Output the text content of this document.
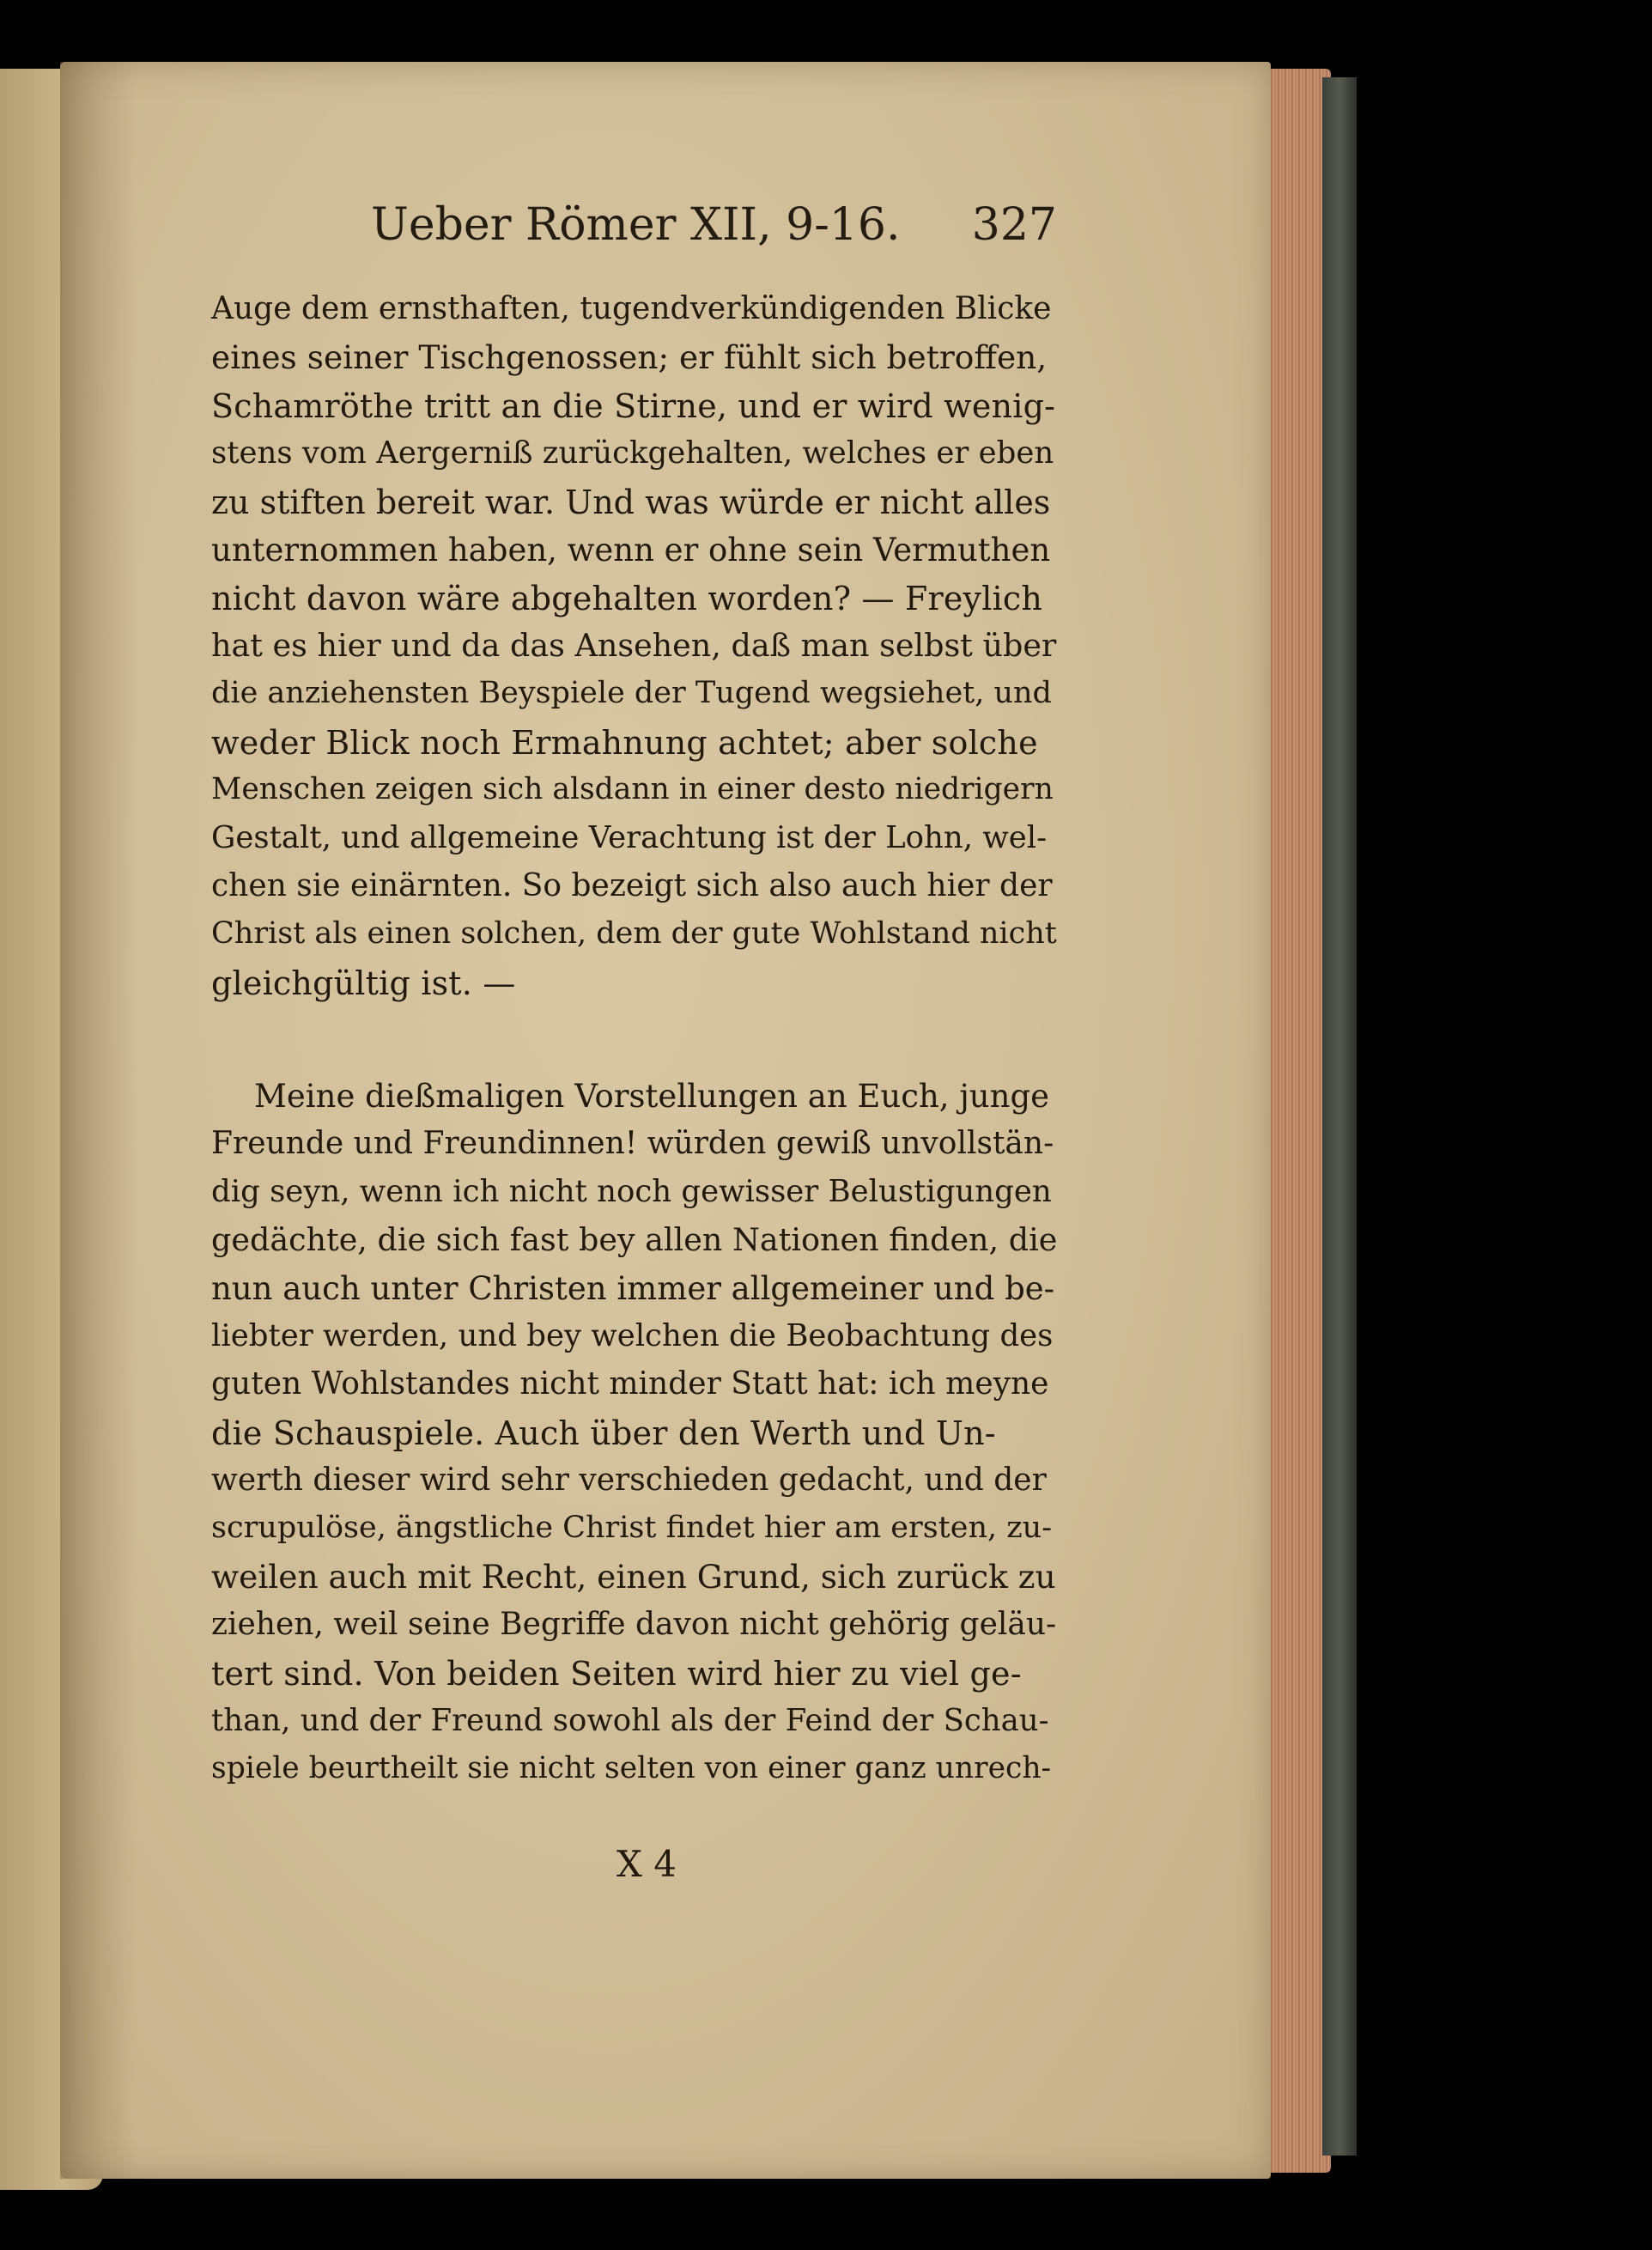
Ueber Römer XII, 9-16. 327
Auge dem ernsthaften, tugendverkündigenden Blicke
eines seiner Tischgenossen; er fühlt sich betroffen,
Schamröthe tritt an die Stirne, und er wird wenig-
stens vom Aergerniß zurückgehalten, welches er eben
zu stiften bereit war. Und was würde er nicht alles
unternommen haben, wenn er ohne sein Vermuthen
nicht davon wäre abgehalten worden? — Freylich
hat es hier und da das Ansehen, daß man selbst über
die anziehensten Beyspiele der Tugend wegsiehet, und
weder Blick noch Ermahnung achtet; aber solche
Menschen zeigen sich alsdann in einer desto niedrigern
Gestalt, und allgemeine Verachtung ist der Lohn, wel-
chen sie einärnten. So bezeigt sich also auch hier der
Christ als einen solchen, dem der gute Wohlstand nicht
gleichgültig ist. —
Meine dießmaligen Vorstellungen an Euch, junge
Freunde und Freundinnen! würden gewiß unvollstän-
dig seyn, wenn ich nicht noch gewisser Belustigungen
gedächte, die sich fast bey allen Nationen finden, die
nun auch unter Christen immer allgemeiner und be-
liebter werden, und bey welchen die Beobachtung des
guten Wohlstandes nicht minder Statt hat: ich meyne
die Schauspiele. Auch über den Werth und Un-
werth dieser wird sehr verschieden gedacht, und der
scrupulöse, ängstliche Christ findet hier am ersten, zu-
weilen auch mit Recht, einen Grund, sich zurück zu
ziehen, weil seine Begriffe davon nicht gehörig geläu-
tert sind. Von beiden Seiten wird hier zu viel ge-
than, und der Freund sowohl als der Feind der Schau-
spiele beurtheilt sie nicht selten von einer ganz unrech-
X 4
